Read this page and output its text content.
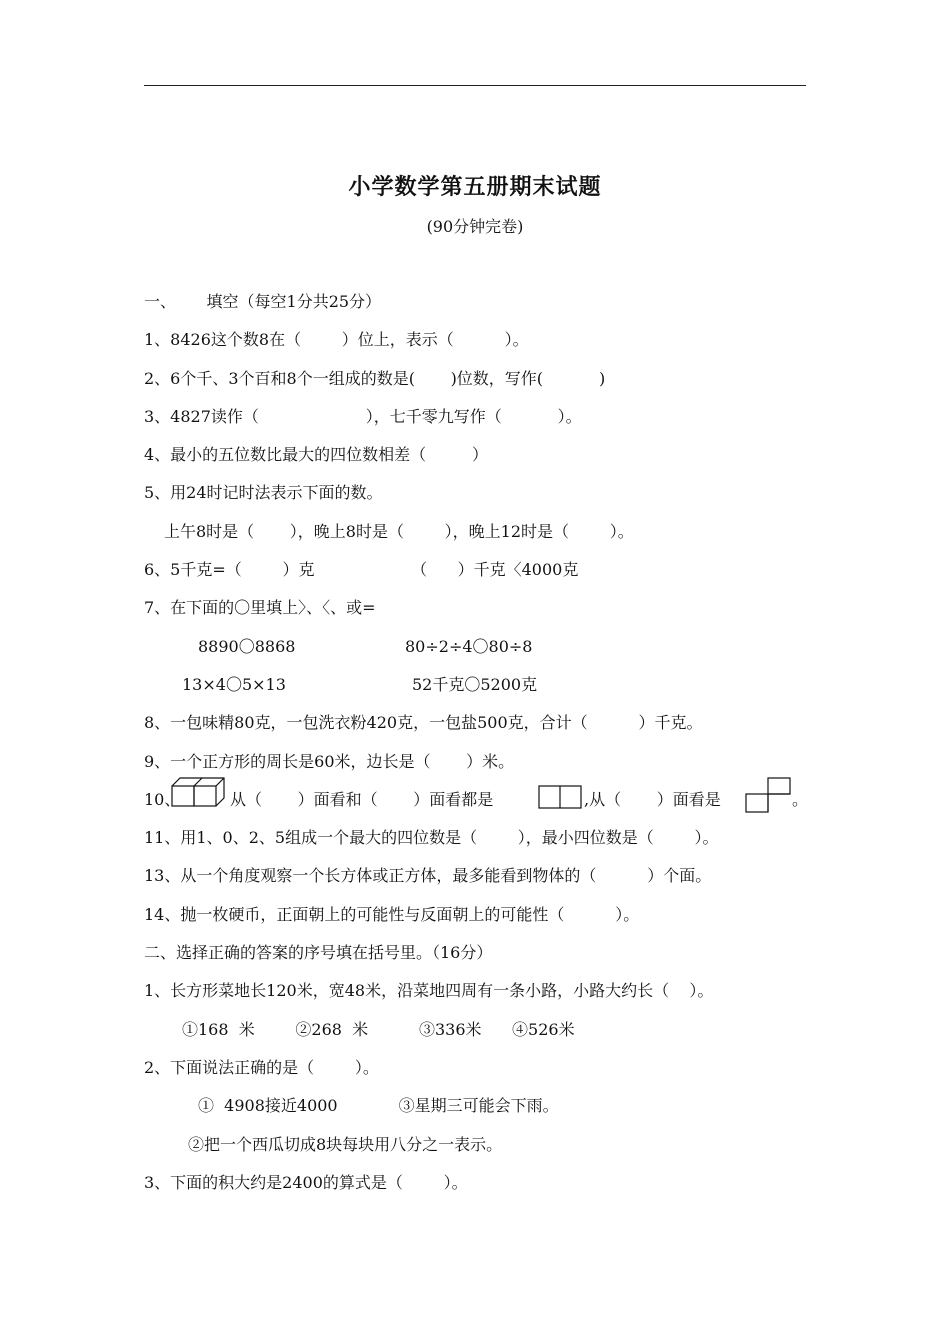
小学数学第五册期末试题
(90分钟完卷)
一、      填空（每空1分共25分）
1、8426这个数8在（        ）位上，表示（          ）。
2、6个千、3个百和8个一组成的数是(       )位数，写作(           )
3、4827读作（                     ），七千零九写作（           ）。
4、最小的五位数比最大的四位数相差（         ）
5、用24时记时法表示下面的数。
上午8时是（       ），晚上8时是（        ），晚上12时是（        ）。
6、5千克=（        ）克                   （      ）千克〈4000克
7、在下面的〇里填上〉、〈、或=
8890〇8868	80÷2÷4〇80÷8
13×4〇5×13	52千克〇5200克
8、一包味精80克，一包洗衣粉420克，一包盐500克，合计（          ）千克。
9、一个正方形的周长是60米，边长是（       ）米。
10、	从（       ）面看和（       ）面看都是	,从（       ）面看是	。
11、用1、0、2、5组成一个最大的四位数是（        ），最小四位数是（        ）。
13、从一个角度观察一个长方体或正方体，最多能看到物体的（          ）个面。
14、抛一枚硬币，正面朝上的可能性与反面朝上的可能性（          ）。
二、选择正确的答案的序号填在括号里。（16分）
1、长方形菜地长120米，宽48米，沿菜地四周有一条小路，小路大约长（    ）。
①168  米        ②268  米          ③336米      ④526米
2、下面说法正确的是（        ）。
①  4908接近4000            ③星期三可能会下雨。
②把一个西瓜切成8块每块用八分之一表示。
3、下面的积大约是2400的算式是（        ）。
